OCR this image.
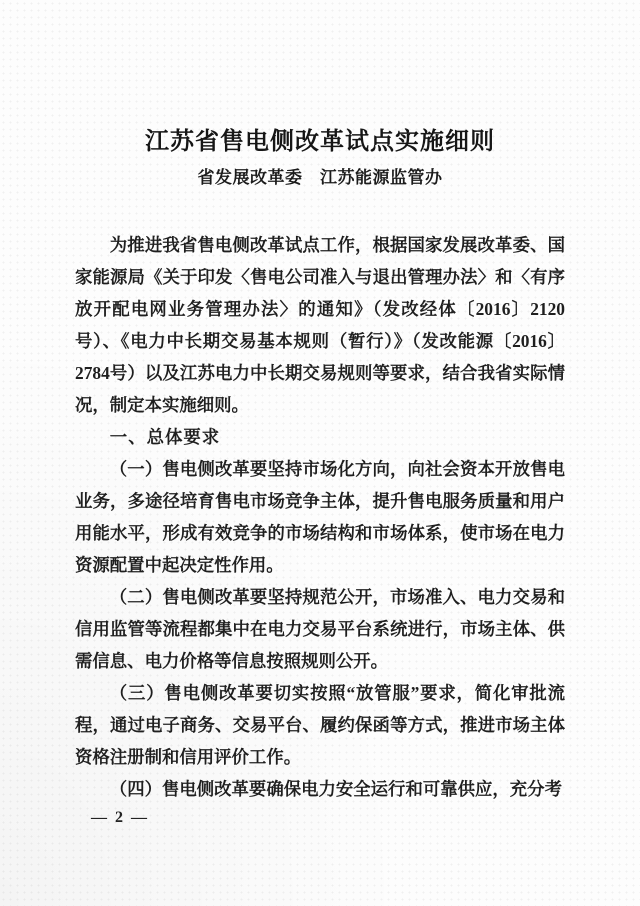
江苏省售电侧改革试点实施细则
省发展改革委　江苏能源监管办

为推进我省售电侧改革试点工作，根据国家发展改革委、国家能源局《关于印发〈售电公司准入与退出管理办法〉和〈有序放开配电网业务管理办法〉的通知》（发改经体〔2016〕2120号）、《电力中长期交易基本规则（暂行）》（发改能源〔2016〕2784号）以及江苏电力中长期交易规则等要求，结合我省实际情况，制定本实施细则。

一、总体要求

（一）售电侧改革要坚持市场化方向，向社会资本开放售电业务，多途径培育售电市场竞争主体，提升售电服务质量和用户用能水平，形成有效竞争的市场结构和市场体系，使市场在电力资源配置中起决定性作用。

（二）售电侧改革要坚持规范公开，市场准入、电力交易和信用监管等流程都集中在电力交易平台系统进行，市场主体、供需信息、电力价格等信息按照规则公开。

（三）售电侧改革要切实按照“放管服”要求，简化审批流程，通过电子商务、交易平台、履约保函等方式，推进市场主体资格注册制和信用评价工作。

（四）售电侧改革要确保电力安全运行和可靠供应，充分考

— 2 —
